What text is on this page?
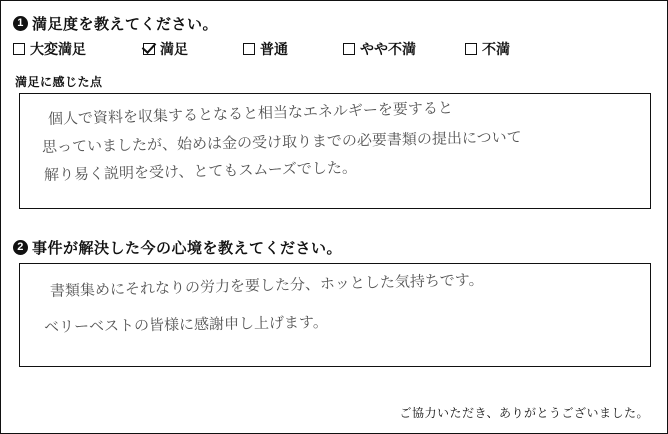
1 満足度を教えてください。
大変満足	満足	普通	やや不満	不満
満足に感じた点
個人で資料を収集するとなると相当なエネルギーを要すると
思っていましたが、始めは金の受け取りまでの必要書類の提出について
解り易く説明を受け、とてもスムーズでした。
2 事件が解決した今の心境を教えてください。
書類集めにそれなりの労力を要した分、ホッとした気持ちです。
ベリーベストの皆様に感謝申し上げます。
ご協力いただき、ありがとうございました。
